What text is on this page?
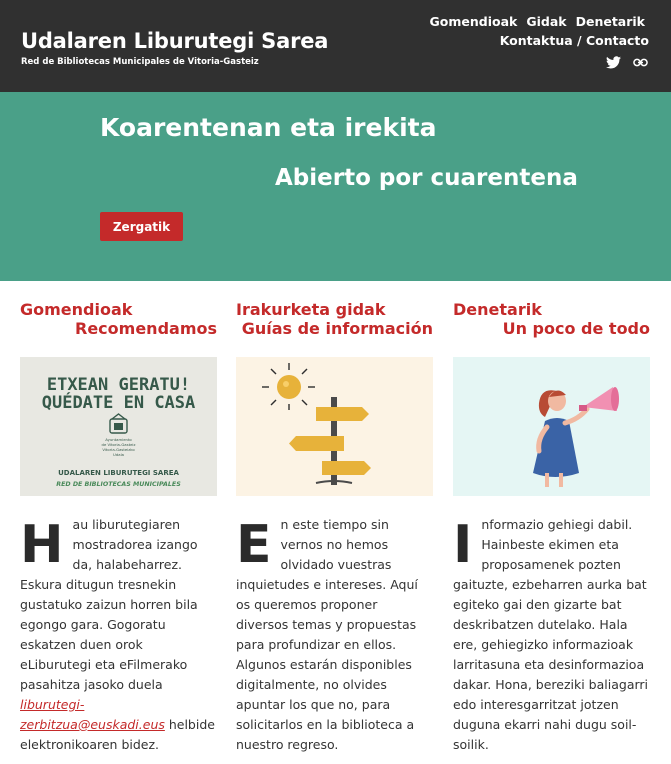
Udalaren Liburutegi Sarea
Red de Bibliotecas Municipales de Vitoria-Gasteiz
Gomendioak Gidak Denetarik
Kontaktua / Contacto
Koarentenan eta irekita
Abierto por cuarentena
Zergatik
Gomendioak
Recomendamos
ETXEAN GERATU!
QUÉDATE EN CASA
Ayuntamiento
de Vitoria-Gasteiz
Vitoria-Gasteizko
Udala
UDALAREN LIBURUTEGI SAREA
RED DE BIBLIOTECAS MUNICIPALES
Hau liburutegiaren mostradorea izango da, halabeharrez. Eskura ditugun tresnekin gustatuko zaizun horren bila egongo gara. Gogoratu eskatzen duen orok eLiburutegi eta eFilmerako pasahitza jasoko duela liburutegi-zerbitzua@euskadi.eus helbide elektronikoaren bidez.
Irakurketa gidak
Guías de información
En este tiempo sin vernos no hemos olvidado vuestras inquietudes e intereses. Aquí os queremos proponer diversos temas y propuestas para profundizar en ellos. Algunos estarán disponibles digitalmente, no olvides apuntar los que no, para solicitarlos en la biblioteca a nuestro regreso.
Denetarik
Un poco de todo
Informazio gehiegi dabil. Hainbeste ekimen eta proposamenek pozten gaituzte, ezbeharren aurka bat egiteko gai den gizarte bat deskribatzen dutelako. Hala ere, gehiegizko informazioak larritasuna eta desinformazioa dakar. Hona, bereziki baliagarri edo interesgarritzat jotzen duguna ekarri nahi dugu soil-soilik.
